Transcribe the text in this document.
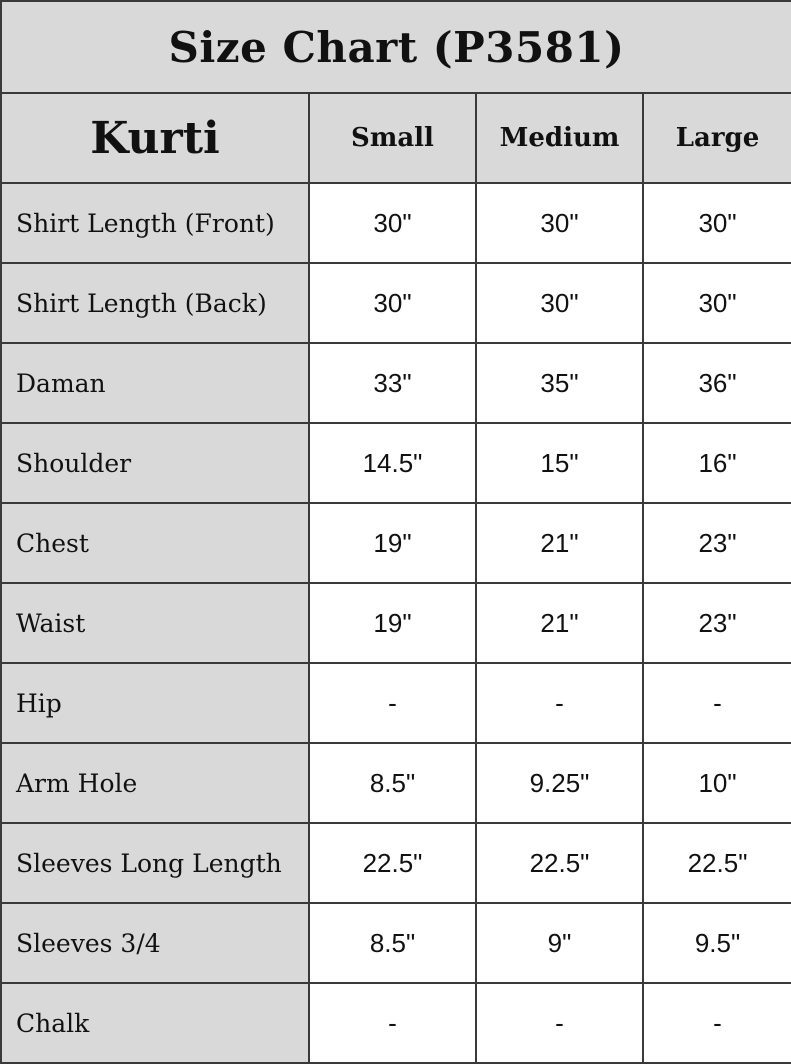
Size Chart (P3581)			
Kurti	Small	Medium	Large
Shirt Length (Front)	30"	30"	30"
Shirt Length (Back)	30"	30"	30"
Daman	33"	35"	36"
Shoulder	14.5"	15"	16"
Chest	19"	21"	23"
Waist	19"	21"	23"
Hip	-	-	-
Arm Hole	8.5"	9.25"	10"
Sleeves Long Length	22.5"	22.5"	22.5"
Sleeves 3/4	8.5"	9"	9.5"
Chalk	-	-	-
